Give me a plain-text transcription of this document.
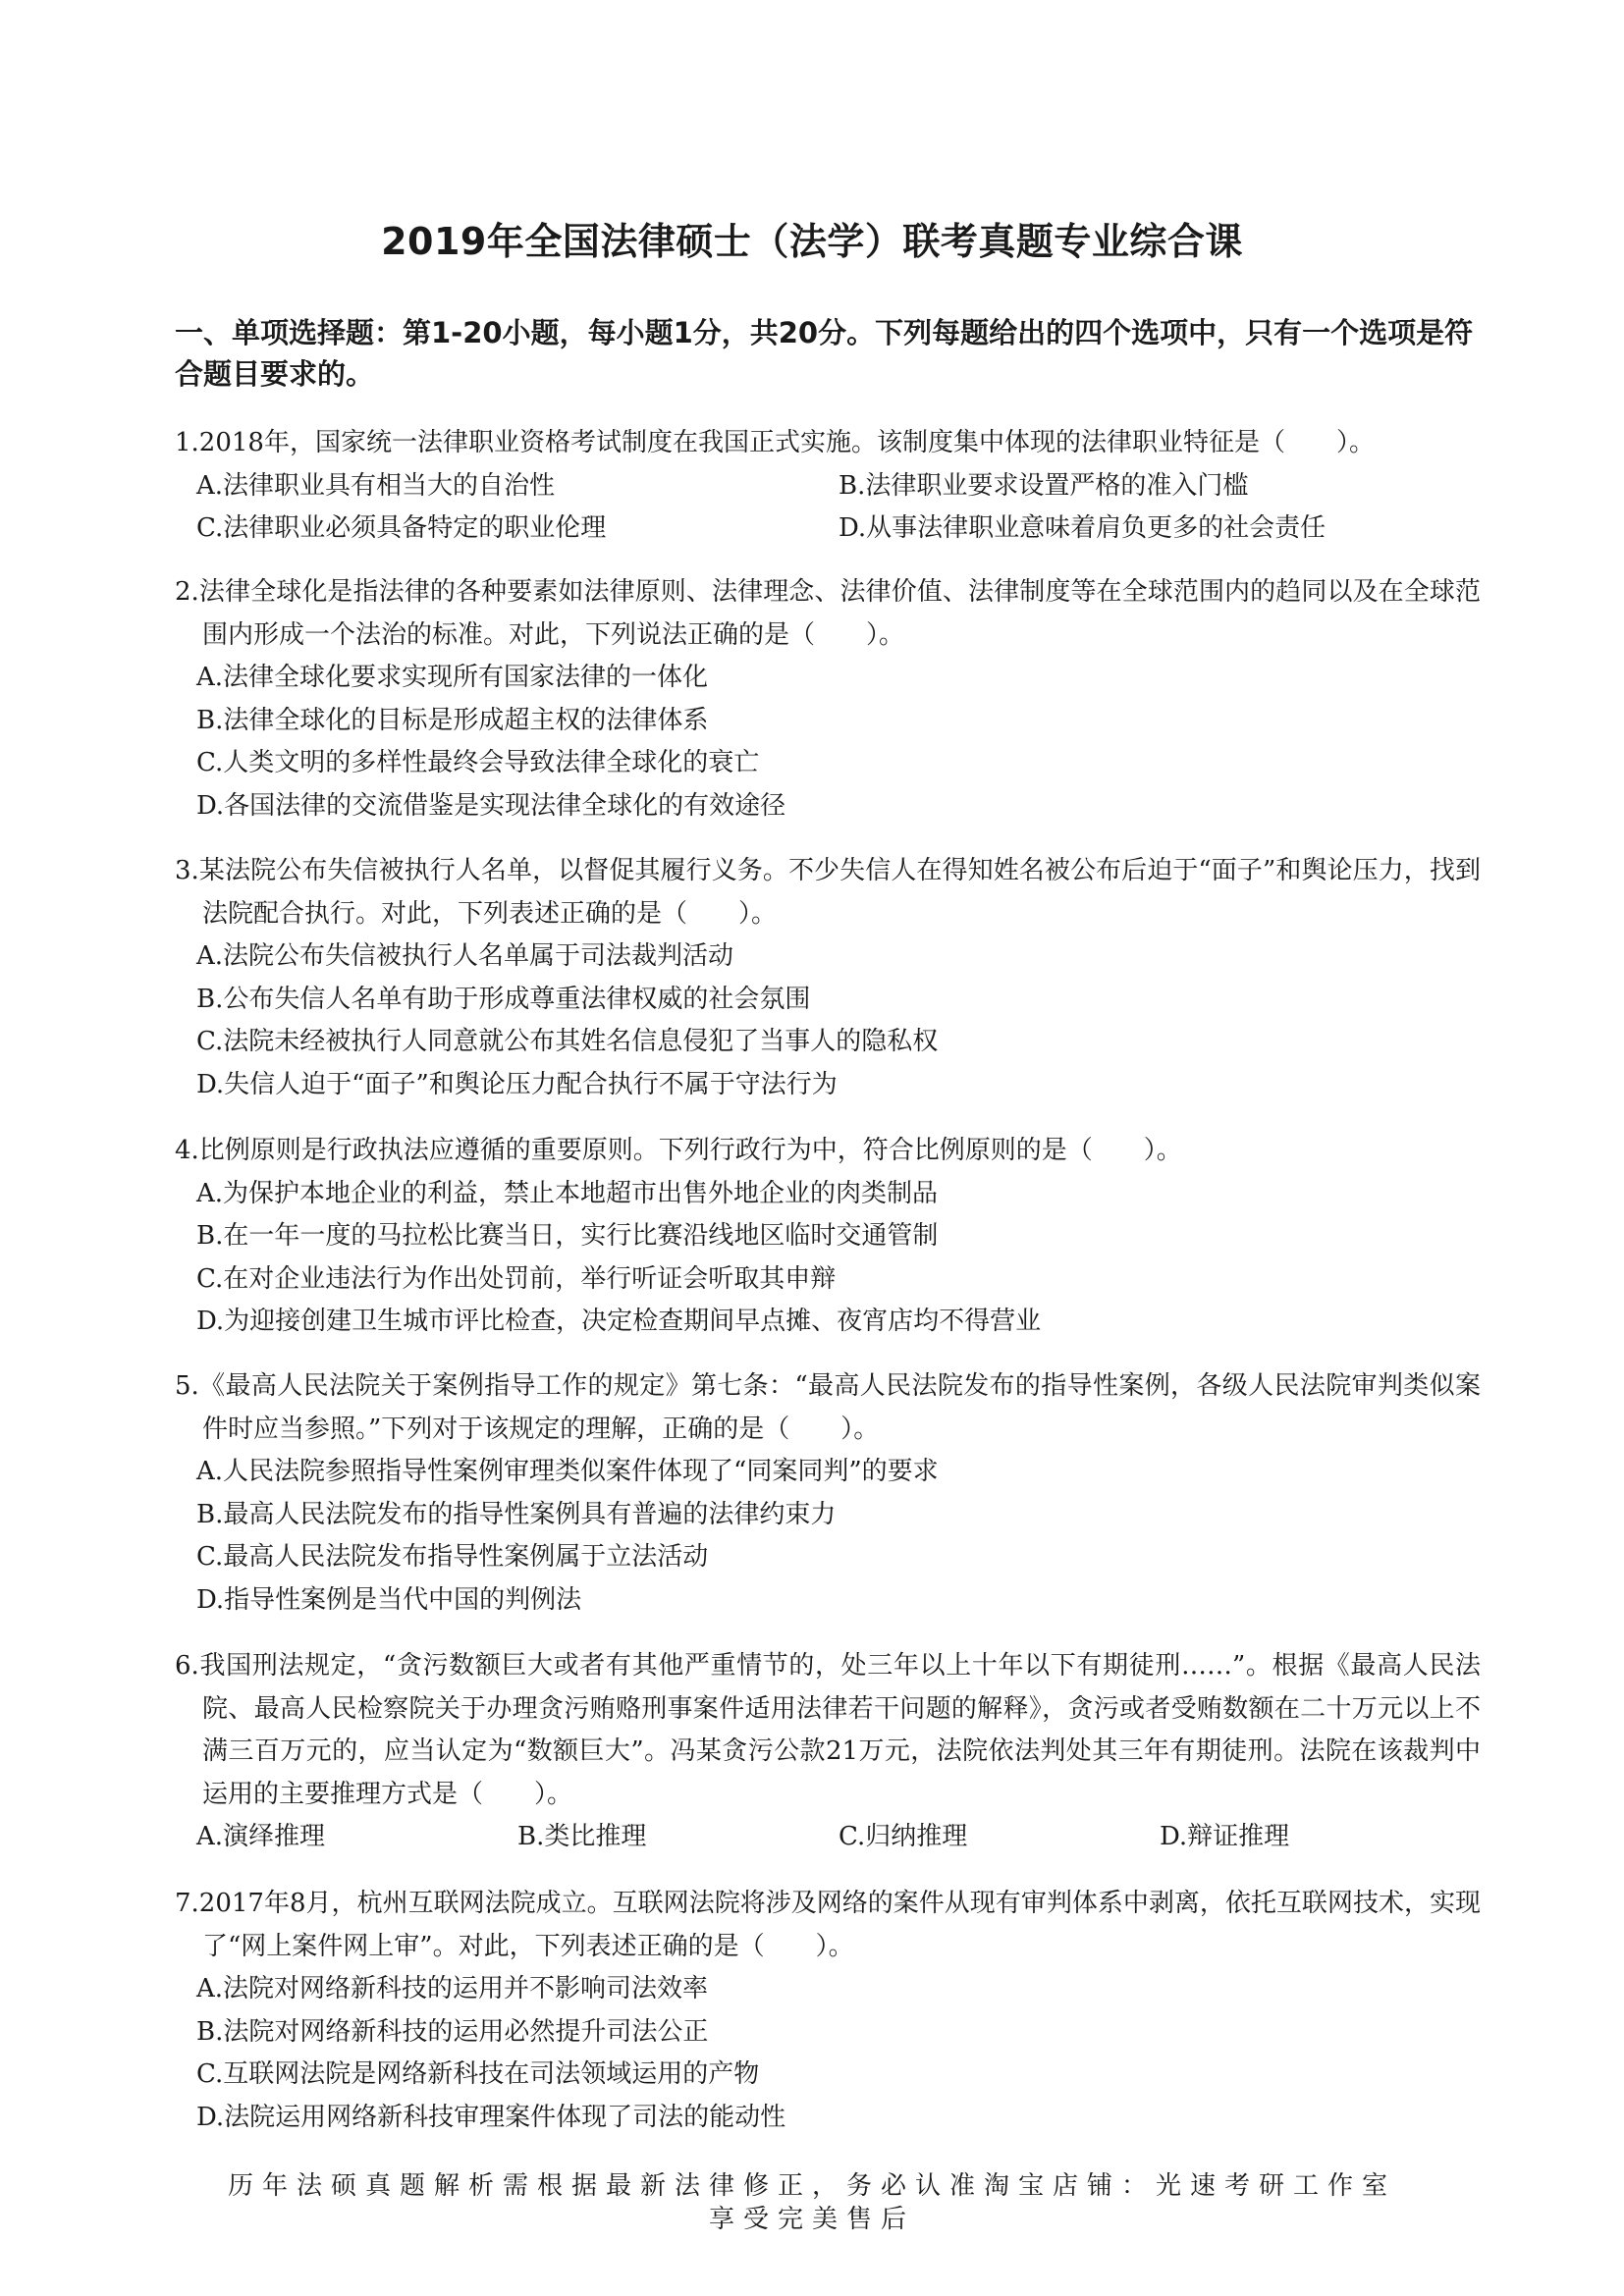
2019年全国法律硕士（法学）联考真题专业综合课
一、单项选择题：第1-20小题，每小题1分，共20分。下列每题给出的四个选项中，只有一个选项是符合题目要求的。
1.2018年，国家统一法律职业资格考试制度在我国正式实施。该制度集中体现的法律职业特征是（　　）。
A.法律职业具有相当大的自治性	B.法律职业要求设置严格的准入门槛
C.法律职业必须具备特定的职业伦理	D.从事法律职业意味着肩负更多的社会责任
2.法律全球化是指法律的各种要素如法律原则、法律理念、法律价值、法律制度等在全球范围内的趋同以及在全球范围内形成一个法治的标准。对此，下列说法正确的是（　　）。
A.法律全球化要求实现所有国家法律的一体化
B.法律全球化的目标是形成超主权的法律体系
C.人类文明的多样性最终会导致法律全球化的衰亡
D.各国法律的交流借鉴是实现法律全球化的有效途径
3.某法院公布失信被执行人名单，以督促其履行义务。不少失信人在得知姓名被公布后迫于“面子”和舆论压力，找到法院配合执行。对此，下列表述正确的是（　　）。
A.法院公布失信被执行人名单属于司法裁判活动
B.公布失信人名单有助于形成尊重法律权威的社会氛围
C.法院未经被执行人同意就公布其姓名信息侵犯了当事人的隐私权
D.失信人迫于“面子”和舆论压力配合执行不属于守法行为
4.比例原则是行政执法应遵循的重要原则。下列行政行为中，符合比例原则的是（　　）。
A.为保护本地企业的利益，禁止本地超市出售外地企业的肉类制品
B.在一年一度的马拉松比赛当日，实行比赛沿线地区临时交通管制
C.在对企业违法行为作出处罚前，举行听证会听取其申辩
D.为迎接创建卫生城市评比检查，决定检查期间早点摊、夜宵店均不得营业
5.《最高人民法院关于案例指导工作的规定》第七条：“最高人民法院发布的指导性案例，各级人民法院审判类似案件时应当参照。”下列对于该规定的理解，正确的是（　　）。
A.人民法院参照指导性案例审理类似案件体现了“同案同判”的要求
B.最高人民法院发布的指导性案例具有普遍的法律约束力
C.最高人民法院发布指导性案例属于立法活动
D.指导性案例是当代中国的判例法
6.我国刑法规定，“贪污数额巨大或者有其他严重情节的，处三年以上十年以下有期徒刑……”。根据《最高人民法院、最高人民检察院关于办理贪污贿赂刑事案件适用法律若干问题的解释》，贪污或者受贿数额在二十万元以上不满三百万元的，应当认定为“数额巨大”。冯某贪污公款21万元，法院依法判处其三年有期徒刑。法院在该裁判中运用的主要推理方式是（　　）。
A.演绎推理	B.类比推理	C.归纳推理	D.辩证推理
7.2017年8月，杭州互联网法院成立。互联网法院将涉及网络的案件从现有审判体系中剥离，依托互联网技术，实现了“网上案件网上审”。对此，下列表述正确的是（　　）。
A.法院对网络新科技的运用并不影响司法效率
B.法院对网络新科技的运用必然提升司法公正
C.互联网法院是网络新科技在司法领域运用的产物
D.法院运用网络新科技审理案件体现了司法的能动性
历年法硕真题解析需根据最新法律修正，务必认准淘宝店铺：光速考研工作室
享受完美售后
